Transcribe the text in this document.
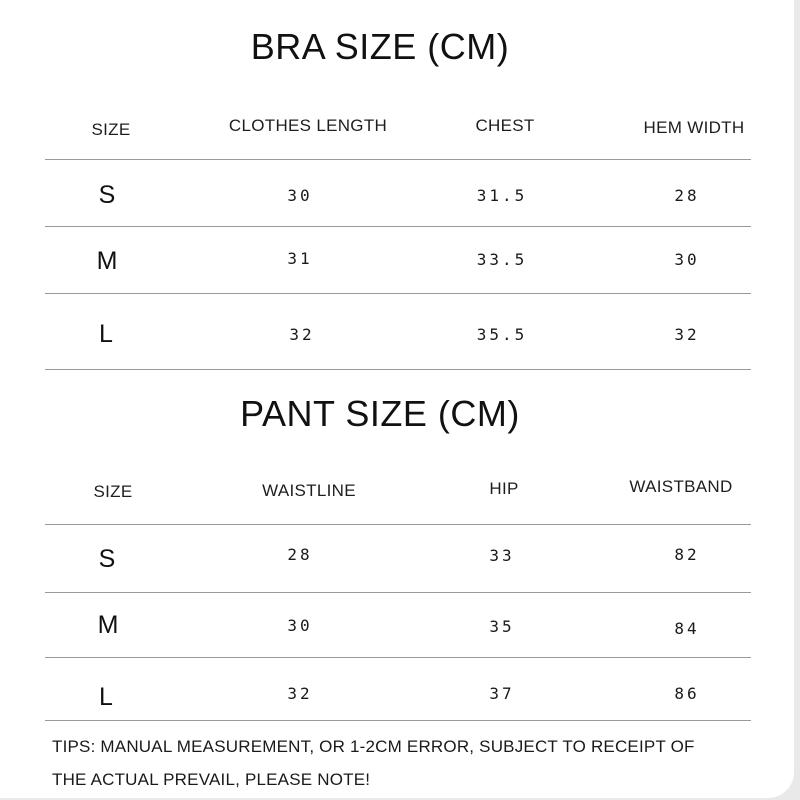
BRA SIZE (CM)
SIZE	CLOTHES LENGTH	CHEST	HEM WIDTH
S	30	31.5	28
M	31	33.5	30
L	32	35.5	32
PANT SIZE (CM)
SIZE	WAISTLINE	HIP	WAISTBAND
S	28	33	82
M	30	35	84
L	32	37	86
TIPS: MANUAL MEASUREMENT, OR 1-2CM ERROR, SUBJECT TO RECEIPT OF
THE ACTUAL PREVAIL, PLEASE NOTE!
